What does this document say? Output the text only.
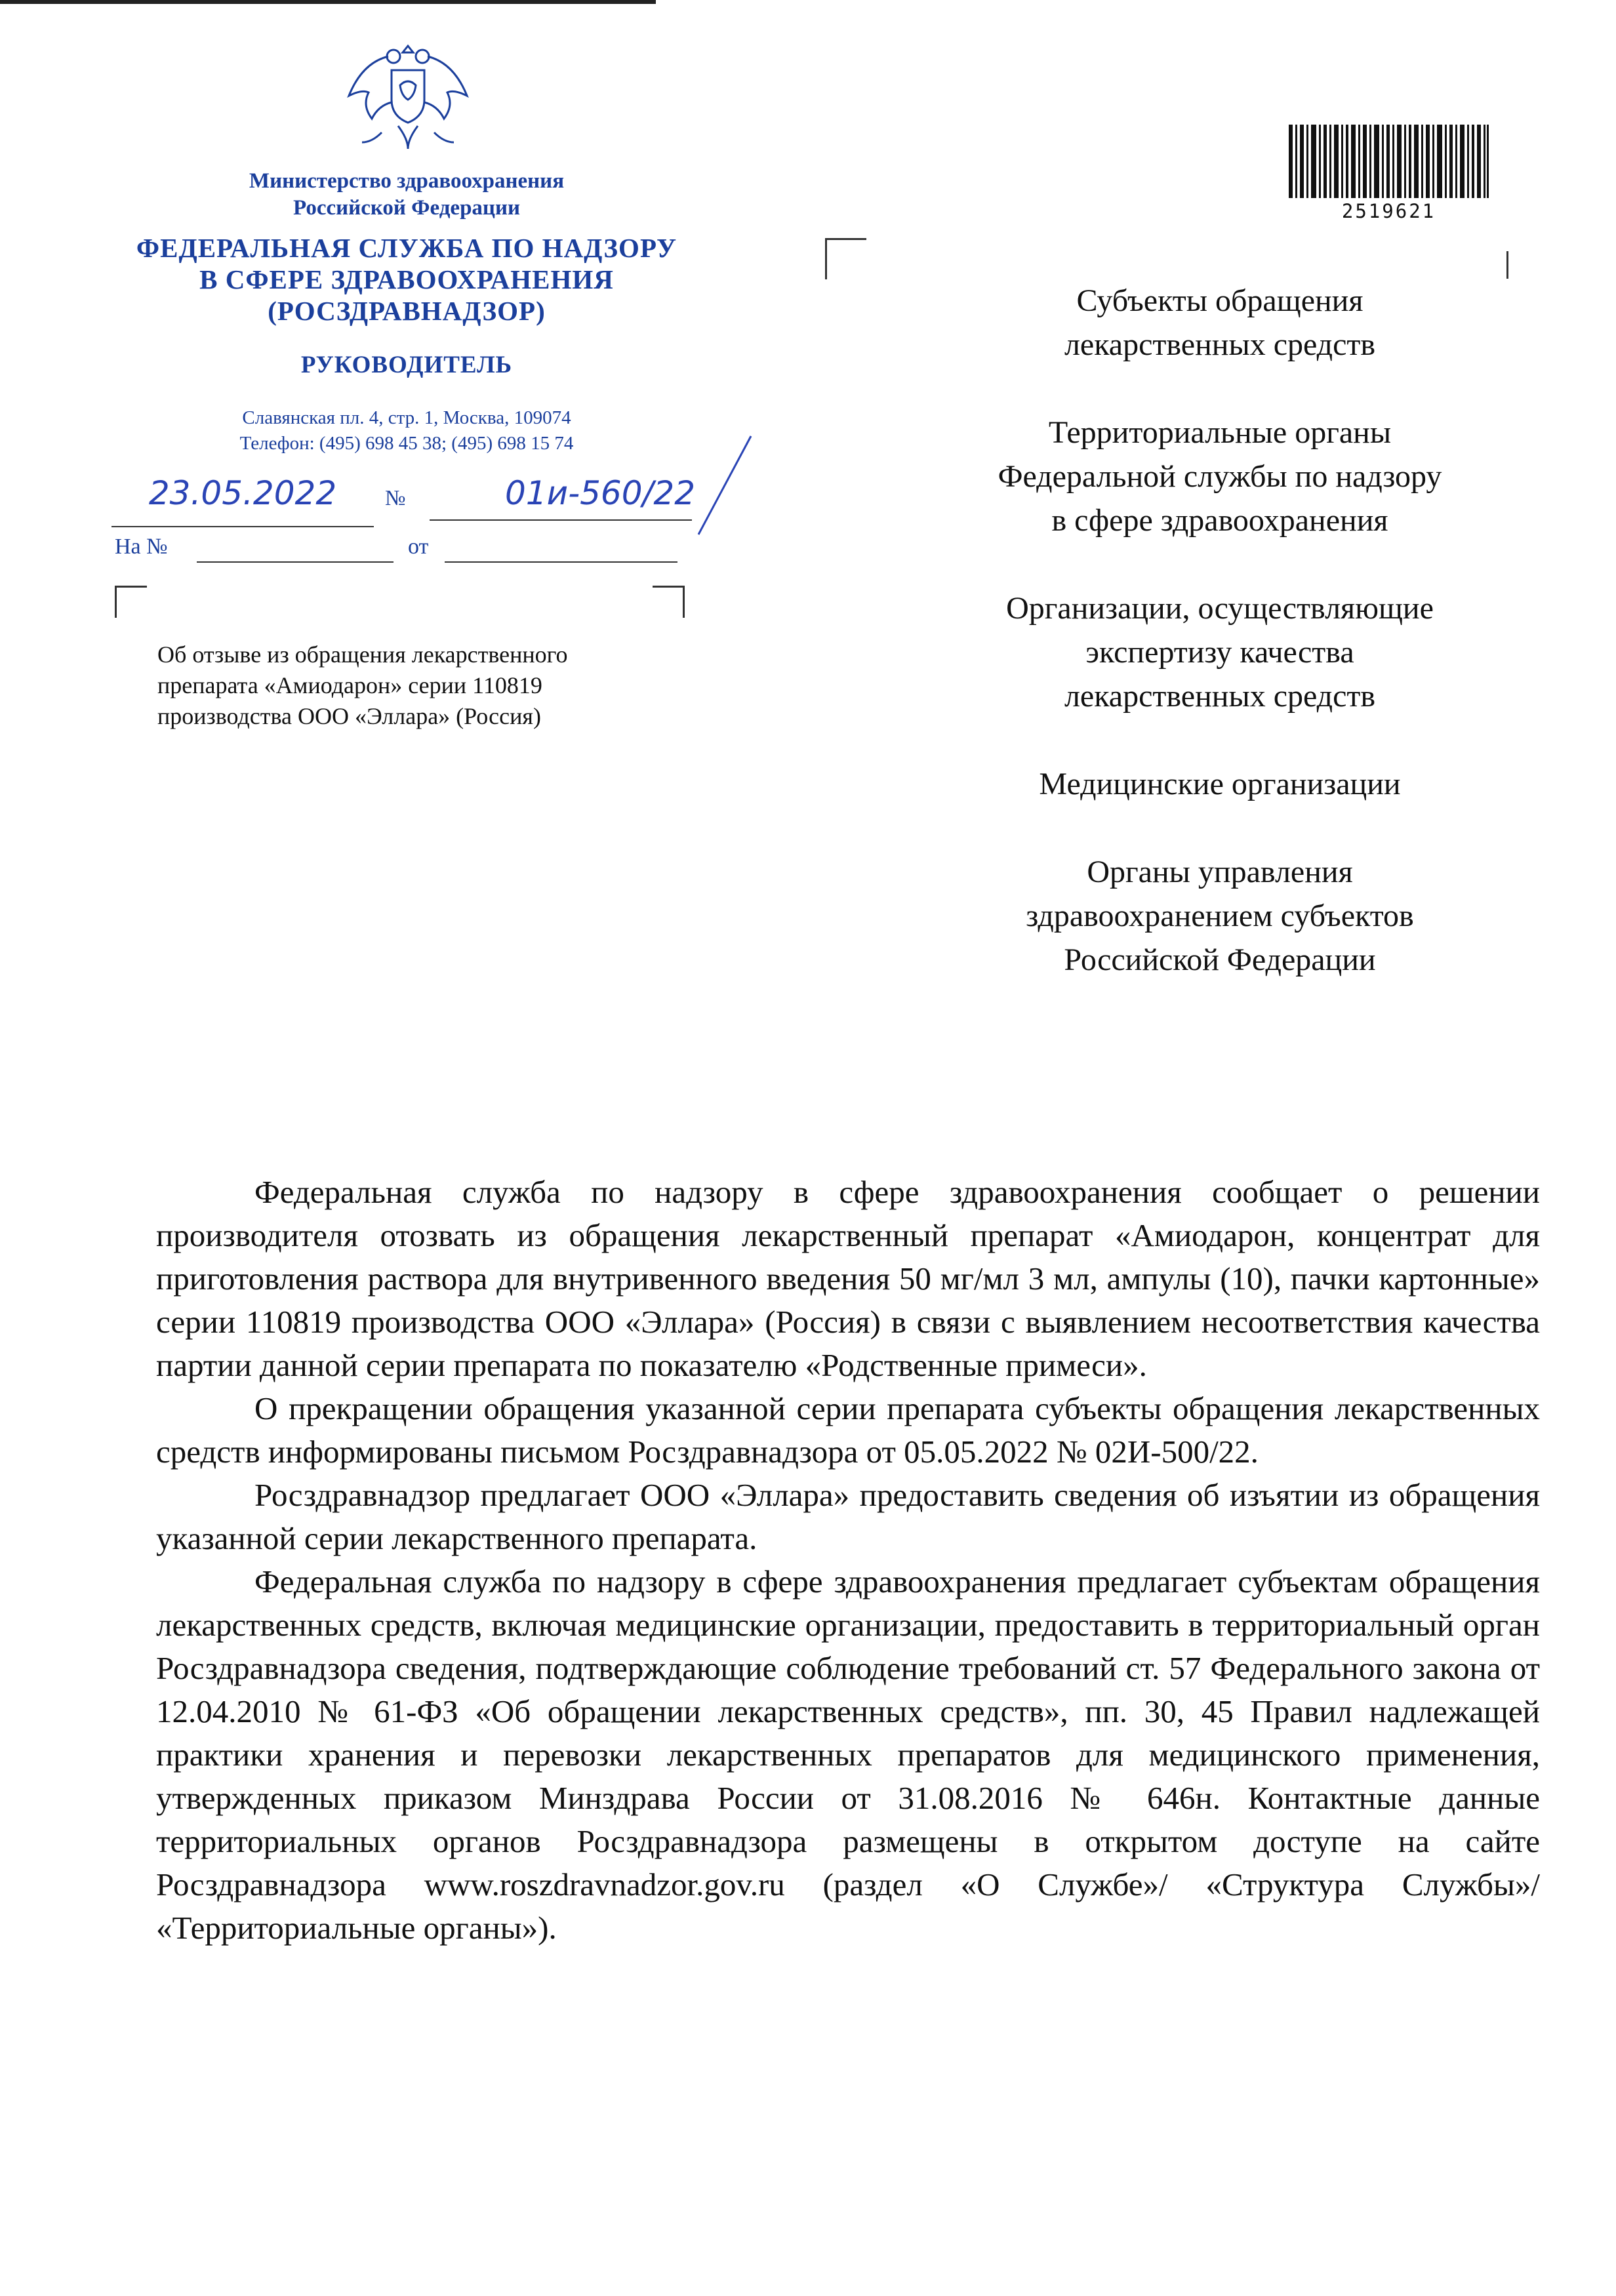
Министерство здравоохранения
Российской Федерации
ФЕДЕРАЛЬНАЯ СЛУЖБА ПО НАДЗОРУ
В СФЕРЕ ЗДРАВООХРАНЕНИЯ
(РОСЗДРАВНАДЗОР)
РУКОВОДИТЕЛЬ
Славянская пл. 4, стр. 1, Москва, 109074
Телефон: (495) 698 45 38; (495) 698 15 74
23.05.2022	№	01и-560/22
На №	от
Об отзыве из обращения лекарственного
препарата «Амиодарон» серии 110819
производства ООО «Эллара» (Россия)
2519621

Субъекты обращения
лекарственных средств

Территориальные органы
Федеральной службы по надзору
в сфере здравоохранения

Организации, осуществляющие
экспертизу качества
лекарственных средств

Медицинские организации

Органы управления
здравоохранением субъектов
Российской Федерации

Федеральная служба по надзору в сфере здравоохранения сообщает о решении производителя отозвать из обращения лекарственный препарат «Амиодарон, концентрат для приготовления раствора для внутривенного введения 50 мг/мл 3 мл, ампулы (10), пачки картонные» серии 110819 производства ООО «Эллара» (Россия) в связи с выявлением несоответствия качества партии данной серии препарата по показателю «Родственные примеси».

О прекращении обращения указанной серии препарата субъекты обращения лекарственных средств информированы письмом Росздравнадзора от 05.05.2022 № 02И-500/22.

Росздравнадзор предлагает ООО «Эллара» предоставить сведения об изъятии из обращения указанной серии лекарственного препарата.

Федеральная служба по надзору в сфере здравоохранения предлагает субъектам обращения лекарственных средств, включая медицинские организации, предоставить в территориальный орган Росздравнадзора сведения, подтверждающие соблюдение требований ст. 57 Федерального закона от 12.04.2010 № 61-ФЗ «Об обращении лекарственных средств», пп. 30, 45 Правил надлежащей практики хранения и перевозки лекарственных препаратов для медицинского применения, утвержденных приказом Минздрава России от 31.08.2016 № 646н. Контактные данные территориальных органов Росздравнадзора размещены в открытом доступе на сайте Росздравнадзора www.roszdravnadzor.gov.ru (раздел «О Службе»/ «Структура Службы»/ «Территориальные органы»).
